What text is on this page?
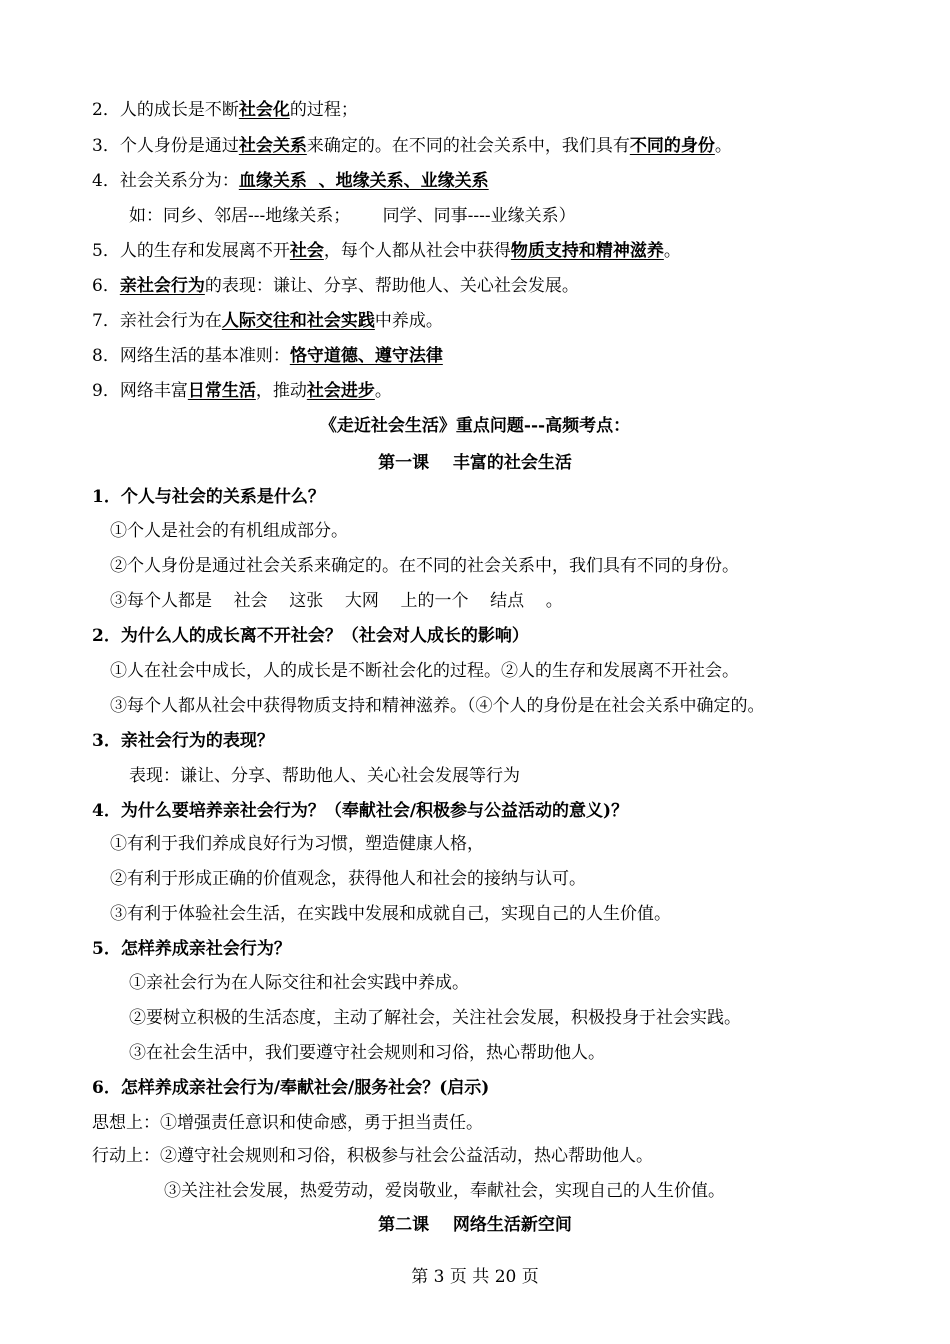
2．人的成长是不断社会化的过程；
3．个人身份是通过社会关系来确定的。在不同的社会关系中，我们具有不同的身份。
4．社会关系分为：血缘关系  、地缘关系、业缘关系
如：同乡、邻居---地缘关系；      同学、同事----业缘关系）
5．人的生存和发展离不开社会，每个人都从社会中获得物质支持和精神滋养。
6．亲社会行为的表现：谦让、分享、帮助他人、关心社会发展。
7．亲社会行为在人际交往和社会实践中养成。
8．网络生活的基本准则：恪守道德、遵守法律
9．网络丰富日常生活，推动社会进步。
《走近社会生活》重点问题---高频考点：
第一课    丰富的社会生活
1．个人与社会的关系是什么？
①个人是社会的有机组成部分。
②个人身份是通过社会关系来确定的。在不同的社会关系中，我们具有不同的身份。
③每个人都是    社会    这张    大网    上的一个    结点    。
2．为什么人的成长离不开社会？（社会对人成长的影响）
①人在社会中成长，人的成长是不断社会化的过程。②人的生存和发展离不开社会。
③每个人都从社会中获得物质支持和精神滋养。（④个人的身份是在社会关系中确定的。
3．亲社会行为的表现？
表现：谦让、分享、帮助他人、关心社会发展等行为
4．为什么要培养亲社会行为？（奉献社会/积极参与公益活动的意义)？
①有利于我们养成良好行为习惯，塑造健康人格，
②有利于形成正确的价值观念，获得他人和社会的接纳与认可。
③有利于体验社会生活，在实践中发展和成就自己，实现自己的人生价值。
5．怎样养成亲社会行为？
①亲社会行为在人际交往和社会实践中养成。
②要树立积极的生活态度，主动了解社会，关注社会发展，积极投身于社会实践。
③在社会生活中，我们要遵守社会规则和习俗，热心帮助他人。
6．怎样养成亲社会行为/奉献社会/服务社会？(启示)
思想上：①增强责任意识和使命感，勇于担当责任。
行动上：②遵守社会规则和习俗，积极参与社会公益活动，热心帮助他人。
③关注社会发展，热爱劳动，爱岗敬业，奉献社会，实现自己的人生价值。
第二课    网络生活新空间
第 3 页 共 20 页
